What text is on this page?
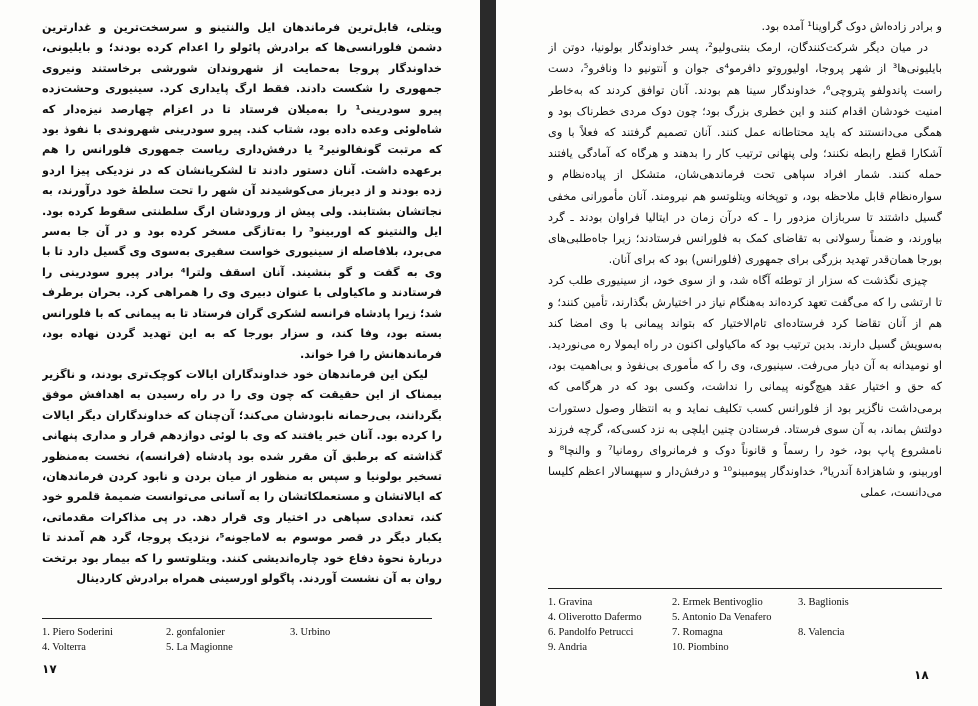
ویتلی، قابل‌ترین فرماندهان ایل والنتینو و سرسخت‌ترین و غدارترین دشمن فلورانسی‌ها که برادرش پائولو را اعدام کرده بودند؛ و بایلیونی، خداوندگار پروجا به‌حمایت از شهروندان شورشی برخاستند ونیروی جمهوری را شکست دادند. فقط ارگ پایداری کرد. سینیوری وحشت‌زده پیرو سودرینی¹ را به‌میلان فرستاد تا در اعزام چهارصد نیزه‌دار که شاه‌لوئی وعده داده بود، شتاب کند. پیرو سودرینی شهروندی با نفوذ بود که مرتبت گونفالونیر² یا درفش‌داری ریاست جمهوری فلورانس را هم برعهده داشت. آنان دستور دادند تا لشکریانشان که در نزدیکی پیزا اردو زده بودند و از دیرباز می‌کوشیدند آن شهر را تحت سلطهٔ خود درآورند، به نجاتشان بشتابند. ولی پیش از ورودشان ارگ سلطنتی سقوط کرده بود. ایل والنتینو که اوربینو³ را به‌تازگی مسخر کرده بود و در آن جا به‌سر می‌برد، بلافاصله از سینیوری خواست سفیری به‌سوی وی گسیل دارد تا با وی به گفت و گو بنشیند. آنان اسقف ولترا⁴ برادر پیرو سودرینی را فرستادند و ماکیاولی با عنوان دبیری وی را همراهی کرد. بحران برطرف شد؛ زیرا پادشاه فرانسه لشکری گران فرستاد تا به پیمانی که با فلورانس بسته بود، وفا کند، و سزار بورجا که به این تهدید گردن نهاده بود، فرماندهانش را فرا خواند.

لیکن این فرماندهان خود خداوندگاران ایالات کوچک‌تری بودند، و ناگزیر بیمناک از این حقیقت که چون وی را در راه رسیدن به اهدافش موفق بگردانند، بی‌رحمانه نابودشان می‌کند؛ آن‌چنان که خداوندگاران دیگر ایالات را کرده بود. آنان خبر یافتند که وی با لوئی دوازدهم قرار و مداری پنهانی گذاشته که برطبق آن مقرر شده بود پادشاه (فرانسه)، نخست به‌منظور تسخیر بولونیا و سپس به منظور از میان بردن و نابود کردن فرماندهان، که ایالاتشان و مستعملکاتشان را به آسانی می‌توانست ضمیمهٔ قلمرو خود کند، تعدادی سپاهی در اختیار وی قرار دهد. در پی مذاکرات مقدماتی، یکبار دیگر در قصر موسوم به لاماجونه⁵، نزدیک پروجا، گرد هم آمدند تا دربارهٔ نحوهٔ دفاع خود چاره‌اندیشی کنند. ویتلوتسو را که بیمار بود برتخت روان به آن نشست آوردند. پاگولو اورسینی همراه برادرش کاردینال

1. Piero Soderini	2. gonfalonier	3. Urbino
4. Volterra	5. La Magionne
۱۷

و برادر زاده‌اش دوک گراوینا¹ آمده بود.

در میان دیگر شرکت‌کنندگان، ارمک بنتی‌ولیو²، پسر خداوندگار بولونیا، دوتن از بایلیونی‌ها³ از شهر پروجا، اولیوروتو دافرمو⁴ی جوان و آنتونیو دا ونافرو⁵، دست راست پاندولفو پتروچی⁶، خداوندگار سینا هم بودند. آنان توافق کردند که به‌خاطر امنیت خودشان اقدام کنند و این خطری بزرگ بود؛ چون دوک مردی خطرناک بود و همگی می‌دانستند که باید محتاطانه عمل کنند. آنان تصمیم گرفتند که فعلاً با وی آشکارا قطع رابطه نکنند؛ ولی پنهانی ترتیب کار را بدهند و هرگاه که آمادگی یافتند حمله کنند. شمار افراد سپاهی تحت فرماندهی‌شان، متشکل از پیاده‌نظام و سواره‌نظام قابل ملاحظه بود، و توپخانه ویتلوتسو هم نیرومند. آنان مأمورانی مخفی گسیل داشتند تا سربازان مزدور را ـ که درآن زمان در ایتالیا فراوان بودند ـ گرد بیاورند، و ضمناً رسولانی به تقاضای کمک به فلورانس فرستادند؛ زیرا جاه‌طلبی‌های بورجا همان‌قدر تهدید بزرگی برای جمهوری (فلورانس) بود که برای آنان.

چیزی نگذشت که سزار از توطئه آگاه شد، و از سوی خود، از سینیوری طلب کرد تا ارتشی را که می‌گفت تعهد کرده‌اند به‌هنگام نیاز در اختیارش بگذارند، تأمین کنند؛ و هم از آنان تقاضا کرد فرستاده‌ای تام‌الاختیار که بتواند پیمانی با وی امضا کند به‌سویش گسیل دارند. بدین ترتیب بود که ماکیاولی اکنون در راه ایمولا ره می‌نوردید. او نومیدانه به آن دیار می‌رفت. سینیوری، وی را که مأموری بی‌نفوذ و بی‌اهمیت بود، که حق و اختیار عقد هیچ‌گونه پیمانی را نداشت، وکسی بود که در هرگامی که برمی‌داشت ناگزیر بود از فلورانس کسب تکلیف نماید و به انتظار وصول دستورات دولتش بماند، به آن سوی فرستاد. فرستادن چنین ایلچی به نزد کسی‌که، گرچه فرزند نامشروع پاپ بود، خود را رسماً و قانوناً دوک و فرمانروای رومانیا⁷ و والنچا⁸ و اوربینو، و شاهزادهٔ آندریا⁹، خداوندگار پیومبینو¹⁰ و درفش‌دار و سپهسالار اعظم کلیسا می‌دانست، عملی

1. Gravina	2. Ermek Bentivoglio	3. Baglionis
4. Oliverotto Dafermo	5. Antonio Da Venafero
6. Pandolfo Petrucci	7. Romagna	8. Valencia
9. Andria	10. Piombino
۱۸
